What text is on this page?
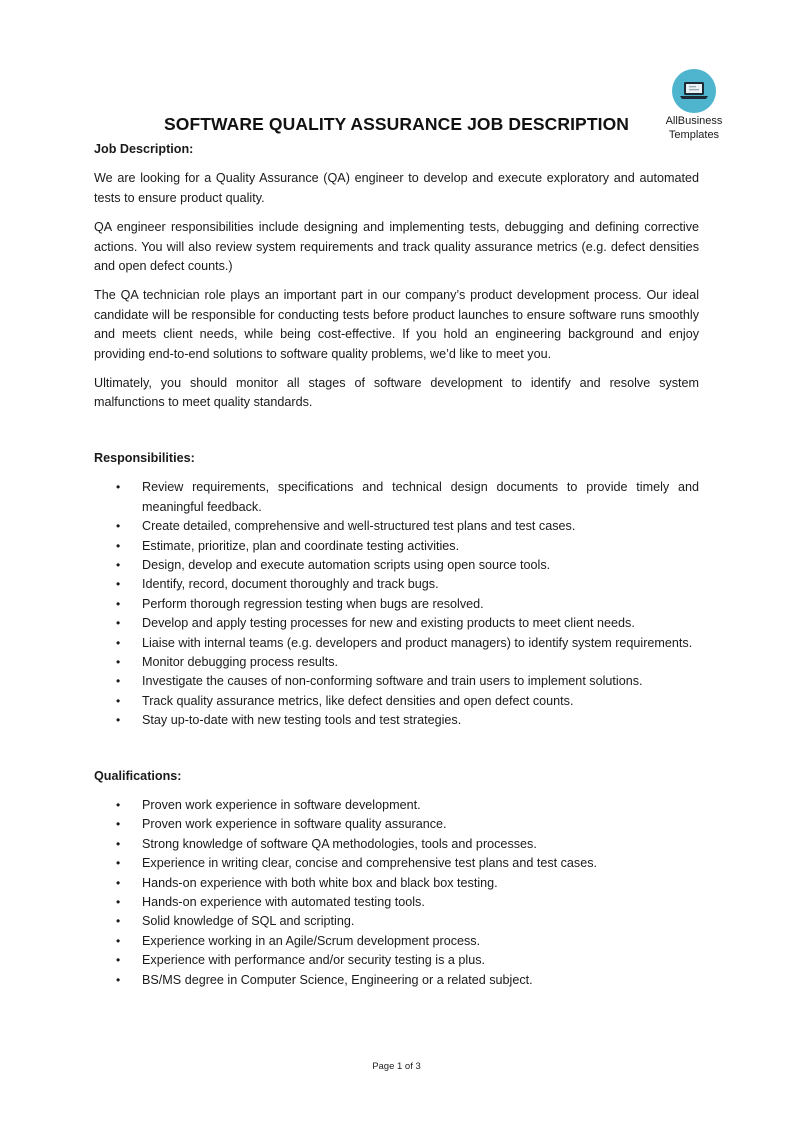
AllBusiness
Templates
SOFTWARE QUALITY ASSURANCE JOB DESCRIPTION

Job Description:

We are looking for a Quality Assurance (QA) engineer to develop and execute exploratory and automated tests to ensure product quality.

QA engineer responsibilities include designing and implementing tests, debugging and defining corrective actions. You will also review system requirements and track quality assurance metrics (e.g. defect densities and open defect counts.)

The QA technician role plays an important part in our company’s product development process. Our ideal candidate will be responsible for conducting tests before product launches to ensure software runs smoothly and meets client needs, while being cost-effective. If you hold an engineering background and enjoy providing end-to-end solutions to software quality problems, we’d like to meet you.

Ultimately, you should monitor all stages of software development to identify and resolve system malfunctions to meet quality standards.

Responsibilities:

• Review requirements, specifications and technical design documents to provide timely and meaningful feedback.
• Create detailed, comprehensive and well-structured test plans and test cases.
• Estimate, prioritize, plan and coordinate testing activities.
• Design, develop and execute automation scripts using open source tools.
• Identify, record, document thoroughly and track bugs.
• Perform thorough regression testing when bugs are resolved.
• Develop and apply testing processes for new and existing products to meet client needs.
• Liaise with internal teams (e.g. developers and product managers) to identify system requirements.
• Monitor debugging process results.
• Investigate the causes of non-conforming software and train users to implement solutions.
• Track quality assurance metrics, like defect densities and open defect counts.
• Stay up-to-date with new testing tools and test strategies.

Qualifications:

• Proven work experience in software development.
• Proven work experience in software quality assurance.
• Strong knowledge of software QA methodologies, tools and processes.
• Experience in writing clear, concise and comprehensive test plans and test cases.
• Hands-on experience with both white box and black box testing.
• Hands-on experience with automated testing tools.
• Solid knowledge of SQL and scripting.
• Experience working in an Agile/Scrum development process.
• Experience with performance and/or security testing is a plus.
• BS/MS degree in Computer Science, Engineering or a related subject.
Page 1 of 3
